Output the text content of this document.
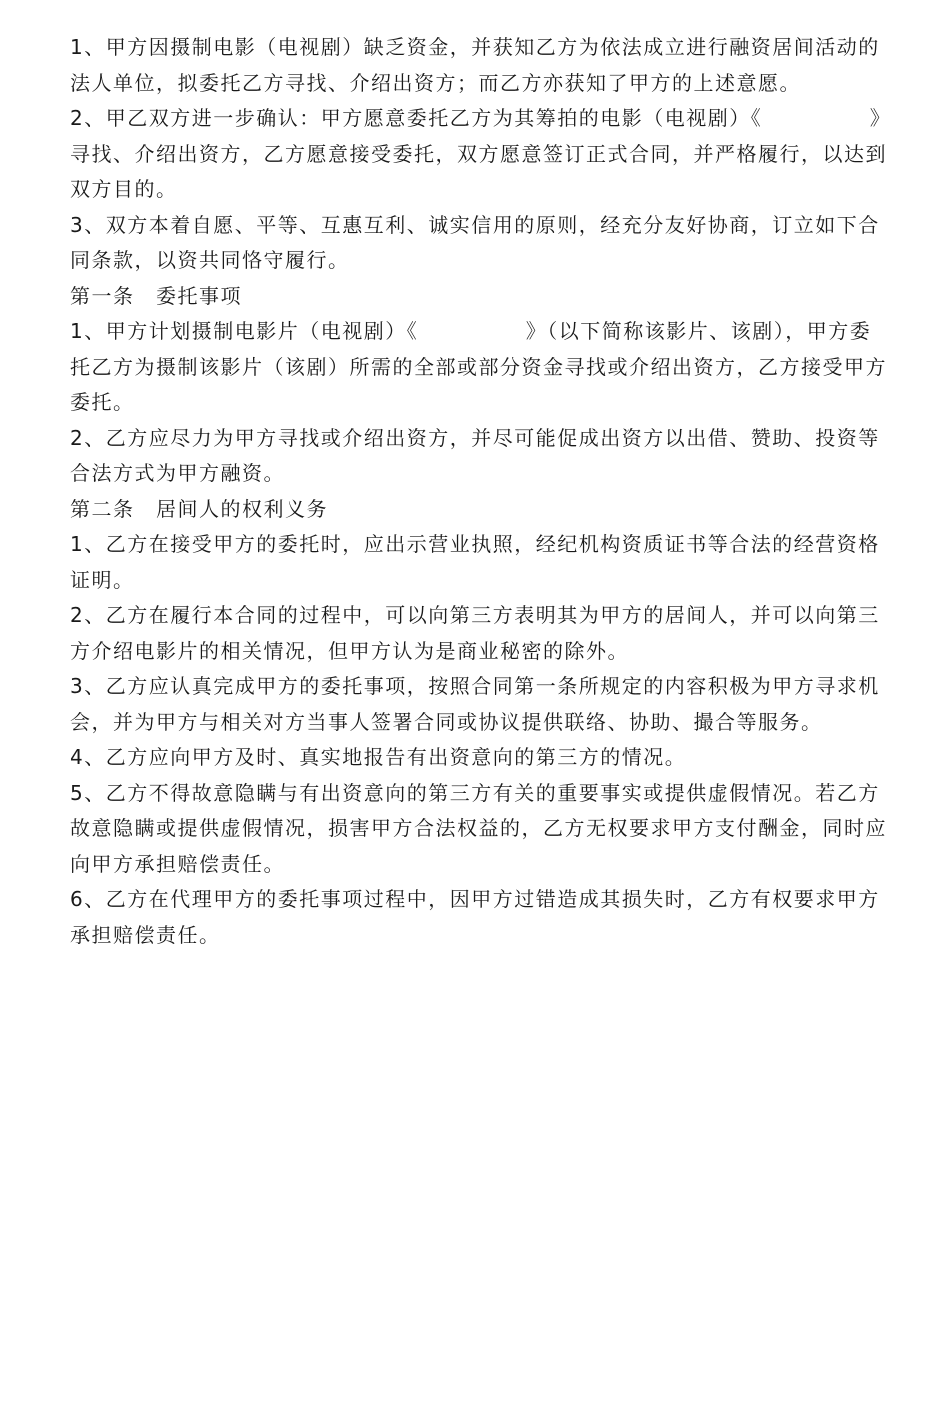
1、甲方因摄制电影（电视剧）缺乏资金，并获知乙方为依法成立进行融资居间活动的法人单位，拟委托乙方寻找、介绍出资方；而乙方亦获知了甲方的上述意愿。

2、甲乙双方进一步确认：甲方愿意委托乙方为其筹拍的电影（电视剧）《　　　　　》寻找、介绍出资方，乙方愿意接受委托，双方愿意签订正式合同，并严格履行，以达到双方目的。

3、双方本着自愿、平等、互惠互利、诚实信用的原则，经充分友好协商，订立如下合同条款，以资共同恪守履行。

第一条　委托事项

1、甲方计划摄制电影片（电视剧）《　　　　　》（以下简称该影片、该剧），甲方委托乙方为摄制该影片（该剧）所需的全部或部分资金寻找或介绍出资方，乙方接受甲方委托。

2、乙方应尽力为甲方寻找或介绍出资方，并尽可能促成出资方以出借、赞助、投资等合法方式为甲方融资。

第二条　居间人的权利义务

1、乙方在接受甲方的委托时，应出示营业执照，经纪机构资质证书等合法的经营资格证明。

2、乙方在履行本合同的过程中，可以向第三方表明其为甲方的居间人，并可以向第三方介绍电影片的相关情况，但甲方认为是商业秘密的除外。

3、乙方应认真完成甲方的委托事项，按照合同第一条所规定的内容积极为甲方寻求机会，并为甲方与相关对方当事人签署合同或协议提供联络、协助、撮合等服务。

4、乙方应向甲方及时、真实地报告有出资意向的第三方的情况。

5、乙方不得故意隐瞒与有出资意向的第三方有关的重要事实或提供虚假情况。若乙方故意隐瞒或提供虚假情况，损害甲方合法权益的，乙方无权要求甲方支付酬金，同时应向甲方承担赔偿责任。

6、乙方在代理甲方的委托事项过程中，因甲方过错造成其损失时，乙方有权要求甲方承担赔偿责任。
